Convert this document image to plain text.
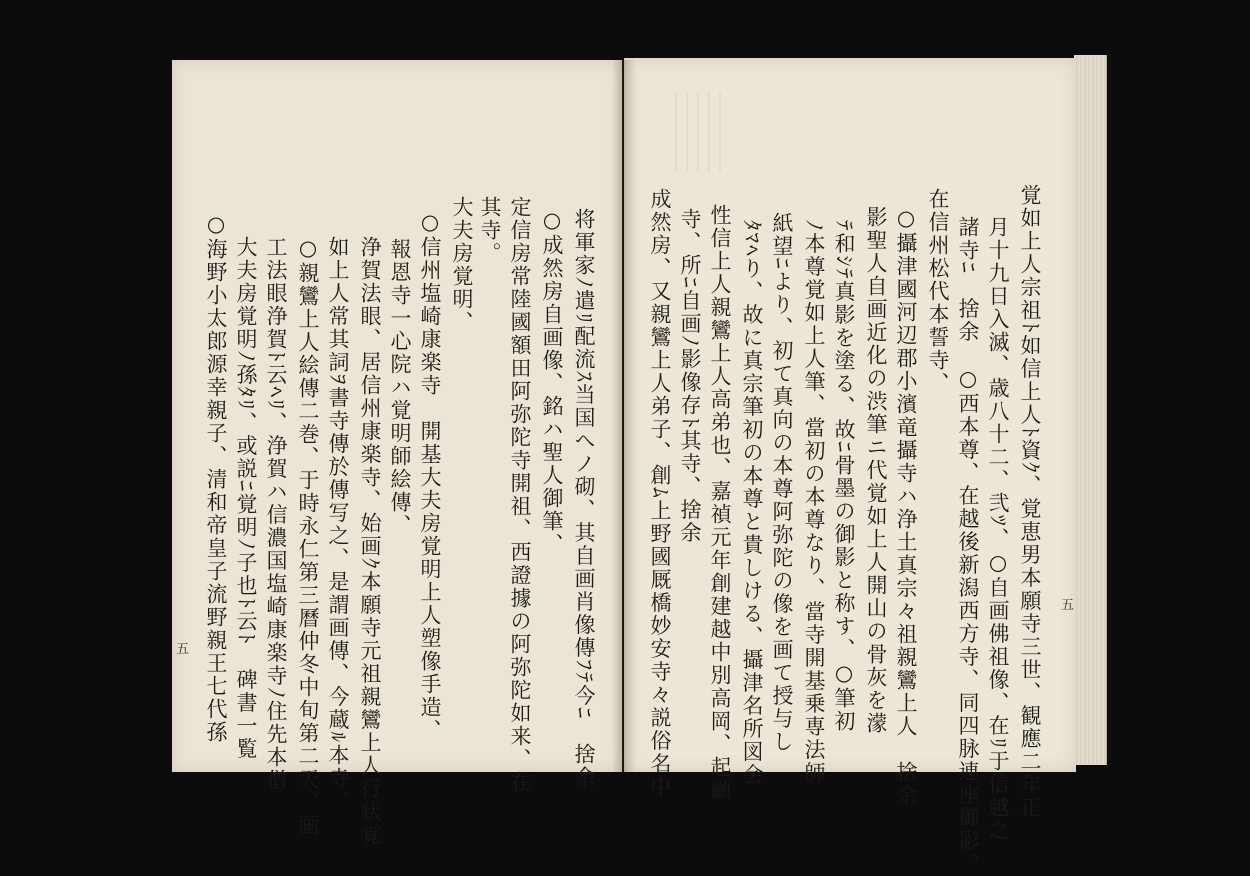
将軍家ﾉ遣ﾘ配流ｽ当国へノ砌、其自画肖像傳ﾌﾃ今ﾆ　捨余
○成然房自画像、銘ハ聖人御筆、
定信房常陸國額田阿弥陀寺開祖、西證據の阿弥陀如来、在
其寺。
大夫房覚明、
○信州塩崎康楽寺　開基大夫房覚明上人塑像手造、
報恩寺一心院ハ覚明師絵傳、
浄賀法眼、居信州康楽寺、始画ｸ本願寺元祖親鸞上人行状覚
如上人常其詞ｦ書寺傳於傳写之、是謂画傳、今蔵ﾙ本寺、
○親鸞上人絵傳二巻、于時永仁第三曆仲冬中旬第二天、画
工法眼浄賀ﾄ云ﾍﾘ、浄賀ハ信濃国塩崎康楽寺ﾉ住先本僧
大夫房覚明ﾉ孫ﾀﾘ、或説ﾆ覚明ﾉ子也ﾄ云ﾄ　碑書一覧
○海野小太郎源幸親子、清和帝皇子流野親王七代孫
五	覚如上人宗祖ﾄ如信上人ﾄ資ｸ、覚恵男本願寺三世、観應二年正
月十九日入滅、歳八十二、弐ﾂ、○自画佛祖像、在ﾘ于信越之
諸寺ﾆ　捨余　○西本尊、在越後新潟西方寺、同四脉連座御影、
在信州松代本誓寺、
○攝津國河辺郡小濱竜攝寺ハ浄土真宗々祖親鸞上人　捨余
影聖人自画近化の渋筆ニ代覚如上人開山の骨灰を濛
ﾃ和ｼﾃ真影を塗る、故ﾆ骨墨の御影と称す、○筆初
ﾉ本尊覚如上人筆、當初の本尊なり、當寺開基乗専法師
紙望ﾆより、初て真向の本尊阿弥陀の像を画て授与し
ﾀﾏﾍり、故に真宗筆初の本尊と貴しける、攝津名所図会
性信上人親鸞上人高弟也、嘉禎元年創建越中別高岡、起顧
寺、所ﾆ自画ﾉ影像存ﾄ其寺、捨余
成然房、又親鸞上人弟子、創ﾑ上野國厩橋妙安寺々説俗名中	五
